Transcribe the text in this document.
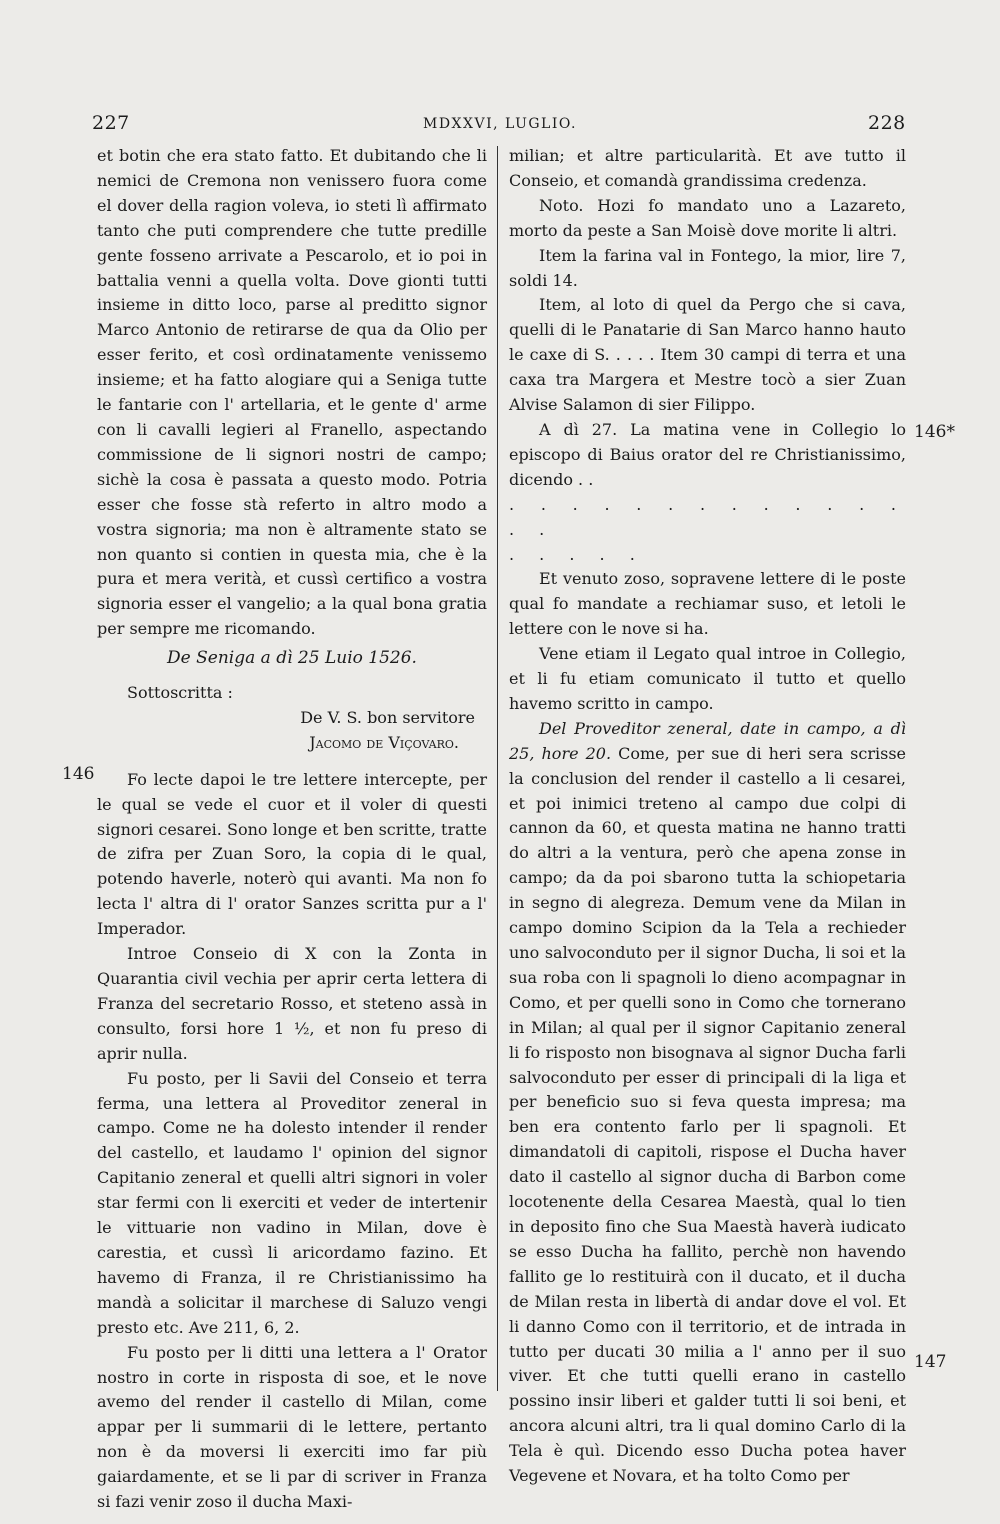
227	MDXXVI, LUGLIO.	228
146
146*
147

et botin che era stato fatto. Et dubitando che li nemici de Cremona non venissero fuora come el dover della ragion voleva, io steti lì affirmato tanto che puti comprendere che tutte predille gente fosseno arrivate a Pescarolo, et io poi in battalia venni a quella volta. Dove gionti tutti insieme in ditto loco, parse al preditto signor Marco Antonio de retirarse de qua da Olio per esser ferito, et così ordinatamente venissemo insieme; et ha fatto alogiare qui a Seniga tutte le fantarie con l' artellaria, et le gente d' arme con li cavalli legieri al Franello, aspectando commissione de li signori nostri de campo; sichè la cosa è passata a questo modo. Potria esser che fosse stà referto in altro modo a vostra signoria; ma non è altramente stato se non quanto si contien in questa mia, che è la pura et mera verità, et cussì certifico a vostra signoria esser el vangelio; a la qual bona gratia per sempre me ricomando.

De Seniga a dì 25 Luio 1526.

Sottoscritta :

De V. S. bon servitore

Jacomo de Viçovaro.

Fo lecte dapoi le tre lettere intercepte, per le qual se vede el cuor et il voler di questi signori cesarei. Sono longe et ben scritte, tratte de zifra per Zuan Soro, la copia di le qual, potendo haverle, noterò qui avanti. Ma non fo lecta l' altra di l' orator Sanzes scritta pur a l' Imperador.

Introe Conseio di X con la Zonta in Quarantia civil vechia per aprir certa lettera di Franza del secretario Rosso, et steteno assà in consulto, forsi hore 1 ½, et non fu preso di aprir nulla.

Fu posto, per li Savii del Conseio et terra ferma, una lettera al Proveditor zeneral in campo. Come ne ha dolesto intender il render del castello, et laudamo l' opinion del signor Capitanio zeneral et quelli altri signori in voler star fermi con li exerciti et veder de intertenir le vittuarie non vadino in Milan, dove è carestia, et cussì li aricordamo fazino. Et havemo di Franza, il re Christianissimo ha mandà a solicitar il marchese di Saluzo vengi presto etc. Ave 211, 6, 2.

Fu posto per li ditti una lettera a l' Orator nostro in corte in risposta di soe, et le nove avemo del render il castello di Milan, come appar per li summarii di le lettere, pertanto non è da moversi li exerciti imo far più gaiardamente, et se li par di scriver in Franza si fazi venir zoso il ducha Maxi-

milian; et altre particularità. Et ave tutto il Conseio, et comandà grandissima credenza.

Noto. Hozi fo mandato uno a Lazareto, morto da peste a San Moisè dove morite li altri.

Item la farina val in Fontego, la mior, lire 7, soldi 14.

Item, al loto di quel da Pergo che si cava, quelli di le Panatarie di San Marco hanno hauto le caxe di S. . . . . Item 30 campi di terra et una caxa tra Margera et Mestre tocò a sier Zuan Alvise Salamon di sier Filippo.

A dì 27. La matina vene in Collegio lo episcopo di Baius orator del re Christianissimo, dicendo . .

. . . . . . . . . . . . . . .

. . . . .

Et venuto zoso, sopravene lettere di le poste qual fo mandate a rechiamar suso, et letoli le lettere con le nove si ha.

Vene etiam il Legato qual introe in Collegio, et li fu etiam comunicato il tutto et quello havemo scritto in campo.

Del Proveditor zeneral, date in campo, a dì 25, hore 20. Come, per sue di heri sera scrisse la conclusion del render il castello a li cesarei, et poi inimici treteno al campo due colpi di cannon da 60, et questa matina ne hanno tratti do altri a la ventura, però che apena zonse in campo; da da poi sbarono tutta la schiopetaria in segno di alegreza. Demum vene da Milan in campo domino Scipion da la Tela a rechieder uno salvoconduto per il signor Ducha, li soi et la sua roba con li spagnoli lo dieno acompagnar in Como, et per quelli sono in Como che tornerano in Milan; al qual per il signor Capitanio zeneral li fo risposto non bisognava al signor Ducha farli salvoconduto per esser di principali di la liga et per beneficio suo si feva questa impresa; ma ben era contento farlo per li spagnoli. Et dimandatoli di capitoli, rispose el Ducha haver dato il castello al signor ducha di Barbon come locotenente della Cesarea Maestà, qual lo tien in deposito fino che Sua Maestà haverà iudicato se esso Ducha ha fallito, perchè non havendo fallito ge lo restituirà con il ducato, et il ducha de Milan resta in libertà di andar dove el vol. Et li danno Como con il territorio, et de intrada in tutto per ducati 30 milia a l' anno per il suo viver. Et che tutti quelli erano in castello possino insir liberi et galder tutti li soi beni, et ancora alcuni altri, tra li qual domino Carlo di la Tela è quì. Dicendo esso Ducha potea haver Vegevene et Novara, et ha tolto Como per
